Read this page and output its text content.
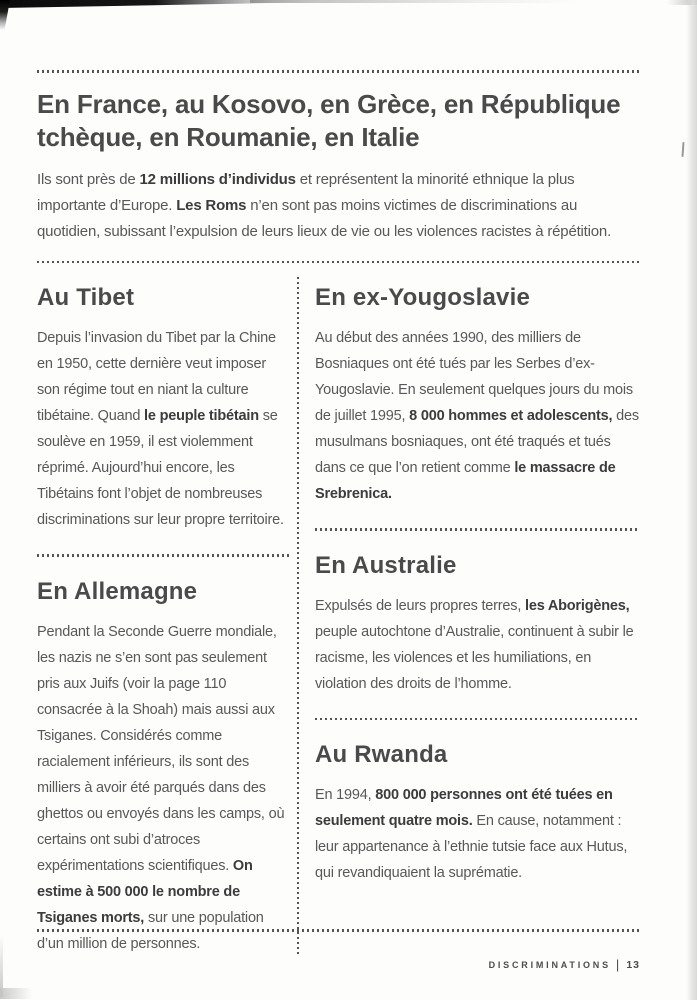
En France, au Kosovo, en Grèce, en République tchèque, en Roumanie, en Italie

Ils sont près de 12 millions d’individus et représentent la minorité ethnique la plus importante d’Europe. Les Roms n’en sont pas moins victimes de discriminations au quotidien, subissant l’expulsion de leurs lieux de vie ou les violences racistes à répétition.

Au Tibet

Depuis l’invasion du Tibet par la Chine en 1950, cette dernière veut imposer son régime tout en niant la culture tibétaine. Quand le peuple tibétain se soulève en 1959, il est violemment réprimé. Aujourd’hui encore, les Tibétains font l’objet de nombreuses discriminations sur leur propre territoire.

En Allemagne

Pendant la Seconde Guerre mondiale, les nazis ne s’en sont pas seulement pris aux Juifs (voir la page 110 consacrée à la Shoah) mais aussi aux Tsiganes. Considérés comme racialement inférieurs, ils sont des milliers à avoir été parqués dans des ghettos ou envoyés dans les camps, où certains ont subi d’atroces expérimentations scientifiques. On estime à 500 000 le nombre de Tsiganes morts, sur une population d’un million de personnes.

En ex-Yougoslavie

Au début des années 1990, des milliers de Bosniaques ont été tués par les Serbes d’ex-Yougoslavie. En seulement quelques jours du mois de juillet 1995, 8 000 hommes et adolescents, des musulmans bosniaques, ont été traqués et tués dans ce que l’on retient comme le massacre de Srebrenica.

En Australie

Expulsés de leurs propres terres, les Aborigènes, peuple autochtone d’Australie, continuent à subir le racisme, les violences et les humiliations, en violation des droits de l’homme.

Au Rwanda

En 1994, 800 000 personnes ont été tuées en seulement quatre mois. En cause, notamment : leur appartenance à l’ethnie tutsie face aux Hutus, qui revandiquaient la suprématie.

DISCRIMINATIONS | 13
